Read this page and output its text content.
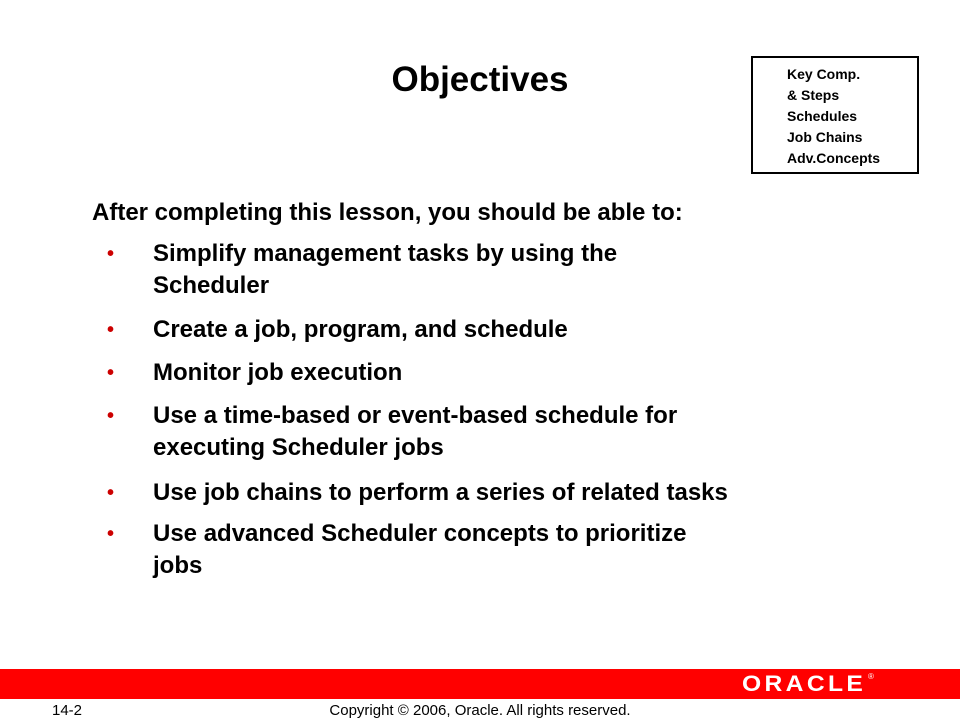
Objectives	Key Comp.
& Steps
Schedules
Job Chains
Adv.Concepts
After completing this lesson, you should be able to:
• Simplify management tasks by using the
Scheduler
• Create a job, program, and schedule
• Monitor job execution
• Use a time-based or event-based schedule for
executing Scheduler jobs
• Use job chains to perform a series of related tasks
• Use advanced Scheduler concepts to prioritize
jobs
ORACLE ®
14-2	Copyright © 2006, Oracle. All rights reserved.
